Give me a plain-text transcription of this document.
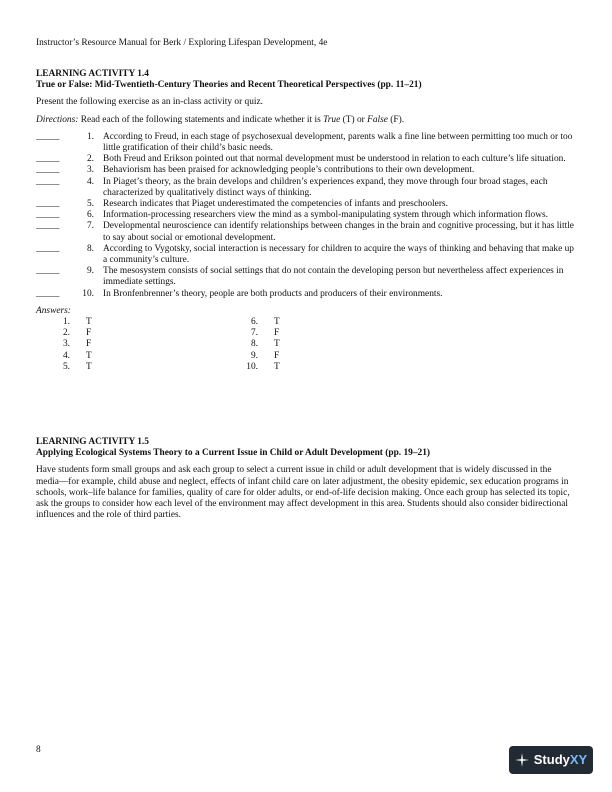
Instructor’s Resource Manual for Berk / Exploring Lifespan Development, 4e
LEARNING ACTIVITY 1.4
True or False: Mid-Twentieth-Century Theories and Recent Theoretical Perspectives (pp. 11–21)
Present the following exercise as an in-class activity or quiz.
Directions: Read each of the following statements and indicate whether it is True (T) or False (F).
_____	1. According to Freud, in each stage of psychosexual development, parents walk a fine line between permitting too much or too little gratification of their child’s basic needs.
_____	2. Both Freud and Erikson pointed out that normal development must be understood in relation to each culture’s life situation.
_____	3. Behaviorism has been praised for acknowledging people’s contributions to their own development.
_____	4. In Piaget’s theory, as the brain develops and children’s experiences expand, they move through four broad stages, each characterized by qualitatively distinct ways of thinking.
_____	5. Research indicates that Piaget underestimated the competencies of infants and preschoolers.
_____	6. Information-processing researchers view the mind as a symbol-manipulating system through which information flows.
_____	7. Developmental neuroscience can identify relationships between changes in the brain and cognitive processing, but it has little to say about social or emotional development.
_____	8. According to Vygotsky, social interaction is necessary for children to acquire the ways of thinking and behaving that make up a community’s culture.
_____	9. The mesosystem consists of social settings that do not contain the developing person but nevertheless affect experiences in immediate settings.
_____	10. In Bronfenbrenner’s theory, people are both products and producers of their environments.
Answers:
1. T
2. F
3. F
4. T
5. T
6. T
7. F
8. T
9. F
10. T
LEARNING ACTIVITY 1.5
Applying Ecological Systems Theory to a Current Issue in Child or Adult Development (pp. 19–21)
Have students form small groups and ask each group to select a current issue in child or adult development that is widely discussed in the media—for example, child abuse and neglect, effects of infant child care on later adjustment, the obesity epidemic, sex education programs in schools, work–life balance for families, quality of care for older adults, or end-of-life decision making. Once each group has selected its topic, ask the groups to consider how each level of the environment may affect development in this area. Students should also consider bidirectional influences and the role of third parties.
8
Study XY
